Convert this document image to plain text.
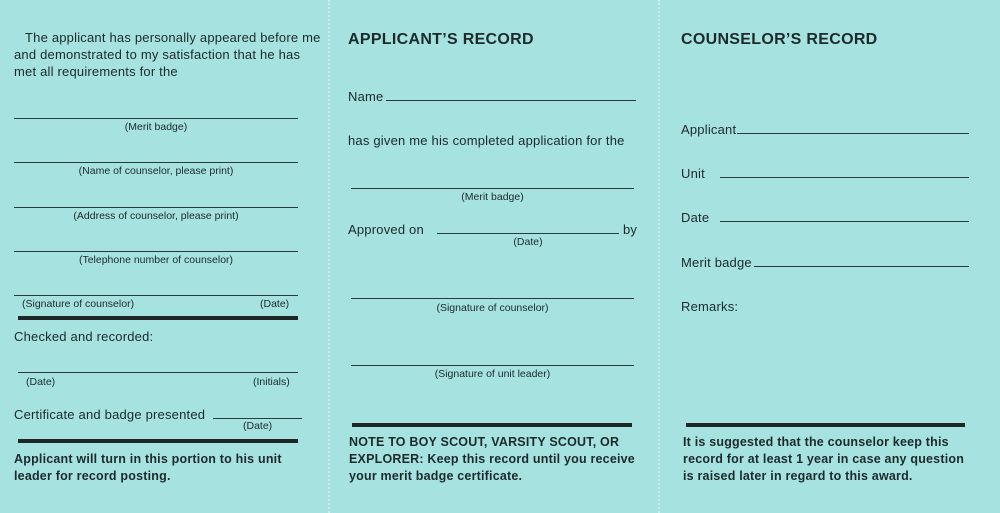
The applicant has personally appeared before me
and demonstrated to my satisfaction that he has
met all requirements for the
(Merit badge)
(Name of counselor, please print)
(Address of counselor, please print)
(Telephone number of counselor)
(Signature of counselor)	(Date)
Checked and recorded:
(Date)	(Initials)
Certificate and badge presented
(Date)
Applicant will turn in this portion to his unit
leader for record posting.
APPLICANT’S RECORD
Name
has given me his completed application for the
(Merit badge)
Approved on	by
(Date)
(Signature of counselor)
(Signature of unit leader)
NOTE TO BOY SCOUT, VARSITY SCOUT, OR
EXPLORER: Keep this record until you receive
your merit badge certificate.
COUNSELOR’S RECORD
Applicant
Unit
Date
Merit badge
Remarks:
It is suggested that the counselor keep this
record for at least 1 year in case any question
is raised later in regard to this award.
